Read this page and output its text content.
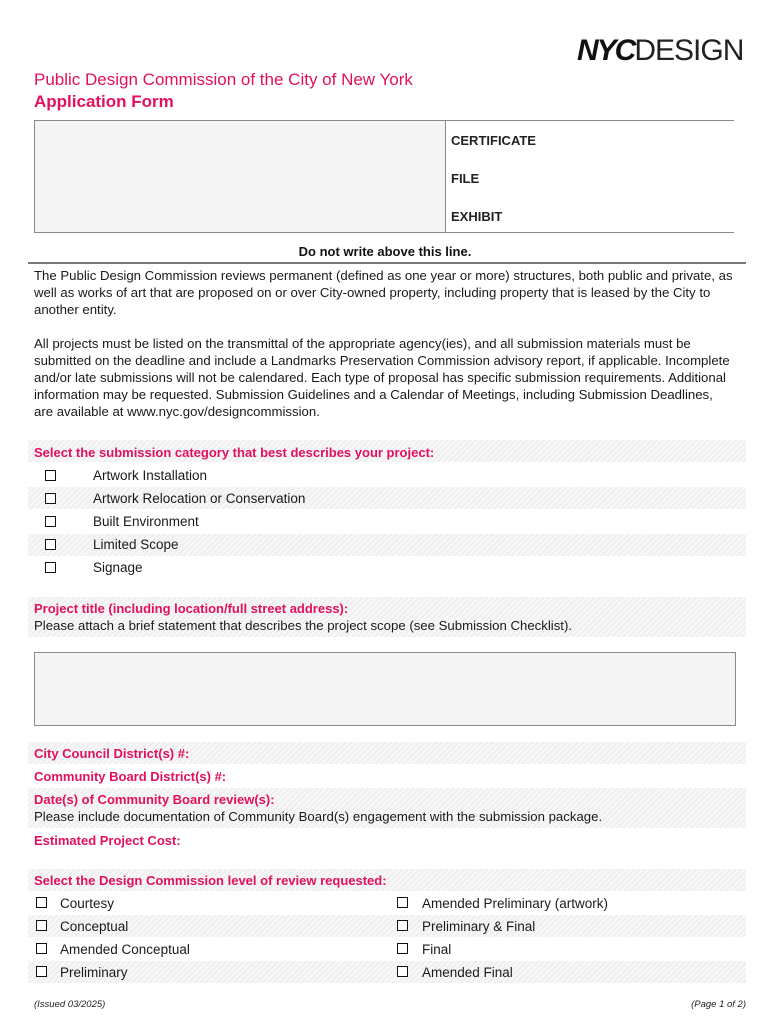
NYCDESIGN
Public Design Commission of the City of New York
Application Form
CERTIFICATE
FILE
EXHIBIT
Do not write above this line.
The Public Design Commission reviews permanent (defined as one year or more) structures, both public and private, as well as works of art that are proposed on or over City-owned property, including property that is leased by the City to another entity.
All projects must be listed on the transmittal of the appropriate agency(ies), and all submission materials must be submitted on the deadline and include a Landmarks Preservation Commission advisory report, if applicable. Incomplete and/or late submissions will not be calendared. Each type of proposal has specific submission requirements. Additional information may be requested. Submission Guidelines and a Calendar of Meetings, including Submission Deadlines, are available at www.nyc.gov/designcommission.
Select the submission category that best describes your project:
Artwork Installation
Artwork Relocation or Conservation
Built Environment
Limited Scope
Signage
Project title (including location/full street address):
Please attach a brief statement that describes the project scope (see Submission Checklist).
City Council District(s) #:
Community Board District(s) #:
Date(s) of Community Board review(s):
Please include documentation of Community Board(s) engagement with the submission package.
Estimated Project Cost:
Select the Design Commission level of review requested:
Courtesy
Conceptual
Amended Conceptual
Preliminary
Amended Preliminary (artwork)
Preliminary & Final
Final
Amended Final
(Issued 03/2025)	(Page 1 of 2)
